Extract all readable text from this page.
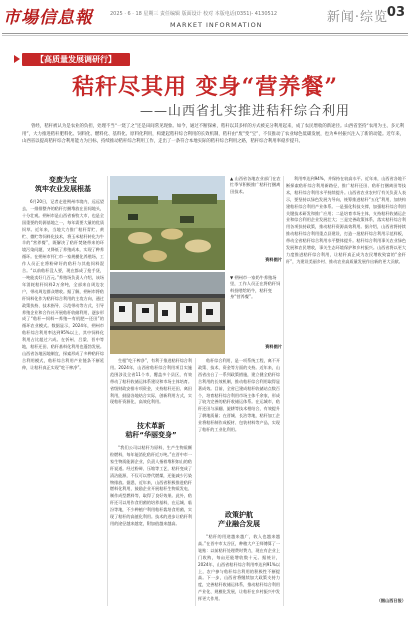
市場信息報	2025 · 6 · 18 星期三 责任编辑 版面设计 校对 本版电话(0351)- 4130512
MARKET INFORMATION	新闻·综览
03
【高质量发展调研行】
秸秆尽其用 变身“营养餐”
——山西省扎实推进秸秆综合利用
曾经，秸秆被认为是农业的负担，处理不当“一烧了之”还是田间常见现象。如今，通过不断探索，秸秆以其多样的方式被充分利用起来，成了农民增收的新途径。山西省坚持“农用为主、多元利用”，大力推进秸秆肥料化、饲料化、燃料化、基料化、原料化利用，构建起秸秆综合利用的长效机制，秸秆由“废”变“宝”，不仅推动了农业绿色低碳发展，也为乡村振兴注入了新的动能。近年来，山西省以提高秸秆综合利用能力为目标，持续推动秸秆综合利用工作，走出了一条符合本地实际的秸秆综合利用之路，秸秆综合利用率稳步提升。
变废为宝
筑牢农业发展根基
6月20日，记者走进朔州市境内，远远望去，一排排整齐的秸秆打捆堆放在田间地头，十分壮观。朔州市是山西省畜牧大市，也是全国重要的奶源基地之一，每年需要大量的优质饲草。近年来，当地大力推广秸秆青贮、黄贮、微贮等饲料化技术，将玉米秸秆转化为牛羊的“营养餐”，既解决了秸秆焚烧带来的环境污染问题，又降低了养殖成本，实现了种养循环。在朔州市怀仁市一家规模化养殖场，工作人员正在将粉碎好的秸秆与其他饲料混合。“以前秸秆没人要，现在都成了抢手货，一吨能卖好几百元。”养殖场负责人介绍，该场年消耗秸秆饲料2万余吨，全部来自周边农户，带动周边群众增收。据了解，朔州市将秸秆饲料化作为秸秆综合利用的主攻方向，通过政策扶持、技术指导、示范带动等方式，引导养殖企业和合作社开展秸秆收储利用，逐步形成了“秸秆—饲料—养殖—有机肥—还田”的循环农业模式。数据显示，2024年，朔州市秸秆综合利用率达到95%以上，其中饲料化利用占比超过六成。在忻州、吕梁、晋中等地，秸秆还田、秸秆基料化利用也蓬勃发展。山西省各地因地制宜，探索形成了多种秸秆综合利用模式，秸秆综合利用产业链条不断延伸，让秸秆真正实现“吃干榨净”。
生根“吃干榨净”，有利于推进秸秆综合利用。2024年，山西省秸秆综合利用项目实施范围涉及全省11个市，覆盖多个县区，有效带动了秸秆收储运体系建设和市场主体培育。省级财政安排专项资金，支持秸秆还田、离田利用，鼓励各地结合实际，创新利用方式，实现秸秆资源化、高效化利用。
技术革新
秸秆“华丽变身”
“我们公司以秸秆为原料，生产生物质颗粒燃料，每年能消化秸秆近万吨。”在晋中市一家生物质能源企业，负责人指着堆积如山的秸秆说道。经过粉碎、压缩等工艺，秸秆变成了清洁能源，不仅可以替代燃煤，还能减少污染物排放。据悉，近年来，山西省积极推进秸秆燃料化利用，鼓励企业开展秸秆生物质发电、制作成型燃料等，取得了良好效果。此外，秸秆还可以用作食用菌的培养基料，在运城、临汾等地，不少种植户利用秸秆栽培食用菌，实现了秸秆的高值化利用。技术的进步让秸秆利用的途径越来越宽，附加值越来越高。
秸秆综合利用，是一项系统工程，离不开政策、技术、资金等方面的支持。近年来，山西省出台了一系列政策措施，建立健全秸秆综合利用的长效机制，推动秸秆综合利用取得显著成效。目前，全省已建成秸秆收储站点数百个，培育秸秆综合利用市场主体千余家，形成了较为完善的秸秆收储运体系。在运城市，秸秆还田与深翻、旋耕等技术相结合，有效提升了耕地质量；在晋城、长治等地，秸秆加工企业将秸秆制作成板材、包装材料等产品，实现了秸秆的工业化利用。
政策护航
产业融合发展
“秸秆的用途越来越广，收入也越来越高。”在晋中市太谷区，种粮大户王师傅算了一笔账：以前秸秆处理费时费力，现在有企业上门收购，每亩还能增收数十元。据统计，2024年，山西省秸秆综合利用率达到91%以上，农户参与秸秆综合利用的积极性不断提高。下一步，山西省将继续加大政策支持力度，完善秸秆收储运体系，推动秸秆综合利用产业化、规模化发展，让秸秆在乡村振兴中发挥更大作用。
利用率达到94%，并保持在较高水平。近年来，山西省各地不断探索秸秆综合利用新路径，推广秸秆还田、秸秆打捆离田等技术，秸秆综合利用水平持续提升。山西省农业农村厅有关负责人表示，要坚持以绿色发展为导向，统筹推进秸秆“五化”利用，加快构建秸秆综合利用产业体系。一是强化科技支撑，加强秸秆综合利用关键技术研发和推广应用；二是培育市场主体，支持秸秆收储运企业和综合利用企业发展壮大；三是完善政策体系，落实秸秆综合利用各项扶持政策，推动秸秆资源高效利用。据介绍，山西省将持续推动秸秆综合利用重点县建设，打造一批秸秆综合利用示范样板，带动全省秸秆综合利用水平整体提升。秸秆综合利用事关农业绿色发展和农民增收，事关生态环境保护和乡村振兴。山西省将以更大力度推进秸秆综合利用，让秸秆真正成为农民增收致富的“金秆秆”，为建设美丽乡村、推动农业高质量发展作出新的更大贡献。
（据山西日报）
▲ 山西省各地农业部门在农忙季节积极推广秸秆打捆离田技术。
资料图片
▼ 朔州市一家奶牛养殖场里，工作人员正在将秸秆饲料投喂给奶牛，秸秆变身“营养餐”。
资料图片
